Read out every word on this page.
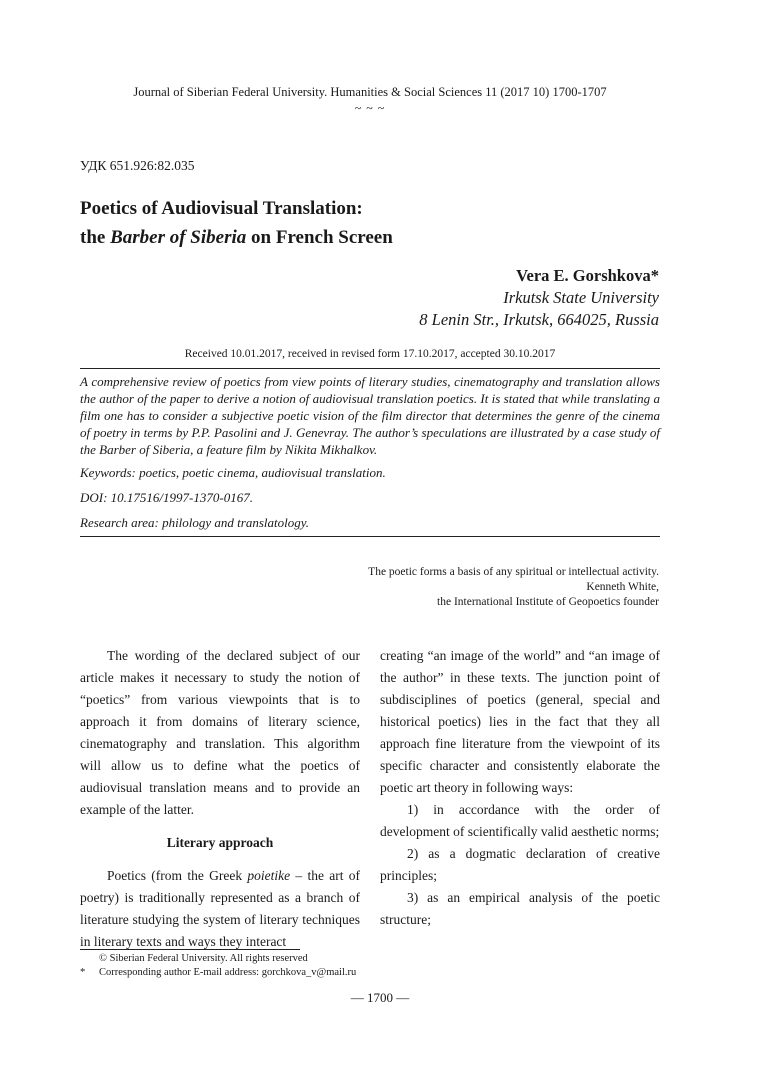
Journal of Siberian Federal University. Humanities & Social Sciences 11 (2017 10) 1700-1707
~ ~ ~
УДК 651.926:82.035
Poetics of Audiovisual Translation:
the Barber of Siberia on French Screen
Vera E. Gorshkova*
Irkutsk State University
8 Lenin Str., Irkutsk, 664025, Russia
Received 10.01.2017, received in revised form 17.10.2017, accepted 30.10.2017
A comprehensive review of poetics from view points of literary studies, cinematography and translation allows the author of the paper to derive a notion of audiovisual translation poetics. It is stated that while translating a film one has to consider a subjective poetic vision of the film director that determines the genre of the cinema of poetry in terms by P.P. Pasolini and J. Genevray. The author’s speculations are illustrated by a case study of the Barber of Siberia, a feature film by Nikita Mikhalkov.
Keywords: poetics, poetic cinema, audiovisual translation.
DOI: 10.17516/1997-1370-0167.
Research area: philology and translatology.
The poetic forms a basis of any spiritual or intellectual activity.
Kenneth White,
the International Institute of Geopoetics founder

The wording of the declared subject of our article makes it necessary to study the notion of “poetics” from various viewpoints that is to approach it from domains of literary science, cinematography and translation. This algorithm will allow us to define what the poetics of audiovisual translation means and to provide an example of the latter.

Literary approach

Poetics (from the Greek poietike – the art of poetry) is traditionally represented as a branch of literature studying the system of literary techniques in literary texts and ways they interact

creating “an image of the world” and “an image of the author” in these texts. The junction point of subdisciplines of poetics (general, special and historical poetics) lies in the fact that they all approach fine literature from the viewpoint of its specific character and consistently elaborate the poetic art theory in following ways:

1) in accordance with the order of development of scientifically valid aesthetic norms;

2) as a dogmatic declaration of creative principles;

3) as an empirical analysis of the poetic structure;

© Siberian Federal University. All rights reserved
* Corresponding author E-mail address: gorchkova_v@mail.ru
— 1700 —
